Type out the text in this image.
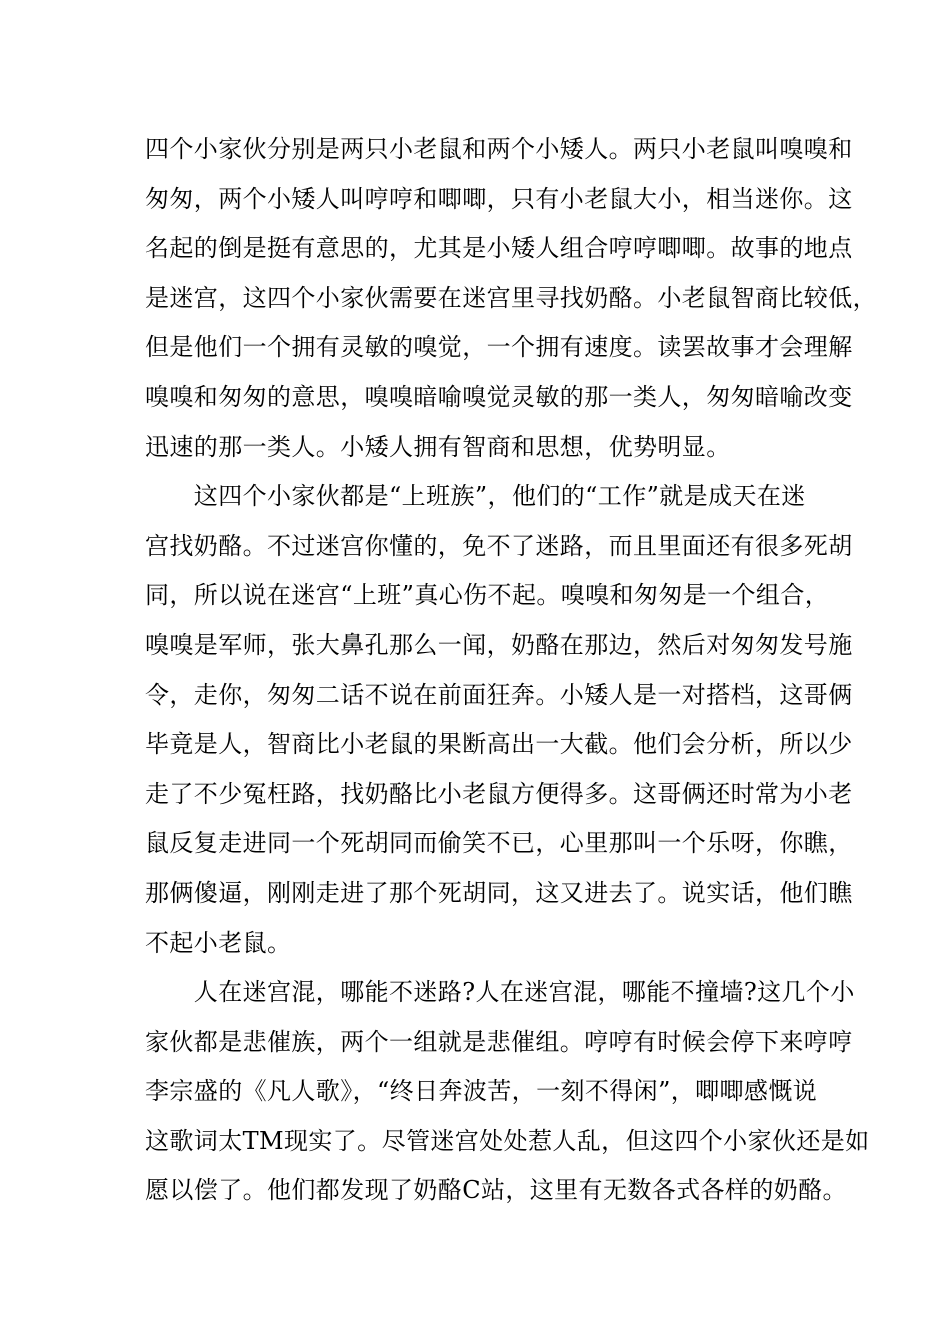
四个小家伙分别是两只小老鼠和两个小矮人。两只小老鼠叫嗅嗅和
匆匆，两个小矮人叫哼哼和唧唧，只有小老鼠大小，相当迷你。这
名起的倒是挺有意思的，尤其是小矮人组合哼哼唧唧。故事的地点
是迷宫，这四个小家伙需要在迷宫里寻找奶酪。小老鼠智商比较低，
但是他们一个拥有灵敏的嗅觉，一个拥有速度。读罢故事才会理解
嗅嗅和匆匆的意思，嗅嗅暗喻嗅觉灵敏的那一类人，匆匆暗喻改变
迅速的那一类人。小矮人拥有智商和思想，优势明显。
　　这四个小家伙都是“上班族”，他们的“工作”就是成天在迷
宫找奶酪。不过迷宫你懂的，免不了迷路，而且里面还有很多死胡
同，所以说在迷宫“上班”真心伤不起。嗅嗅和匆匆是一个组合，
嗅嗅是军师，张大鼻孔那么一闻，奶酪在那边，然后对匆匆发号施
令，走你，匆匆二话不说在前面狂奔。小矮人是一对搭档，这哥俩
毕竟是人，智商比小老鼠的果断高出一大截。他们会分析，所以少
走了不少冤枉路，找奶酪比小老鼠方便得多。这哥俩还时常为小老
鼠反复走进同一个死胡同而偷笑不已，心里那叫一个乐呀，你瞧，
那俩傻逼，刚刚走进了那个死胡同，这又进去了。说实话，他们瞧
不起小老鼠。
　　人在迷宫混，哪能不迷路?人在迷宫混，哪能不撞墙?这几个小
家伙都是悲催族，两个一组就是悲催组。哼哼有时候会停下来哼哼
李宗盛的《凡人歌》，“终日奔波苦，一刻不得闲”，唧唧感慨说
这歌词太TM现实了。尽管迷宫处处惹人乱，但这四个小家伙还是如
愿以偿了。他们都发现了奶酪C站，这里有无数各式各样的奶酪。
